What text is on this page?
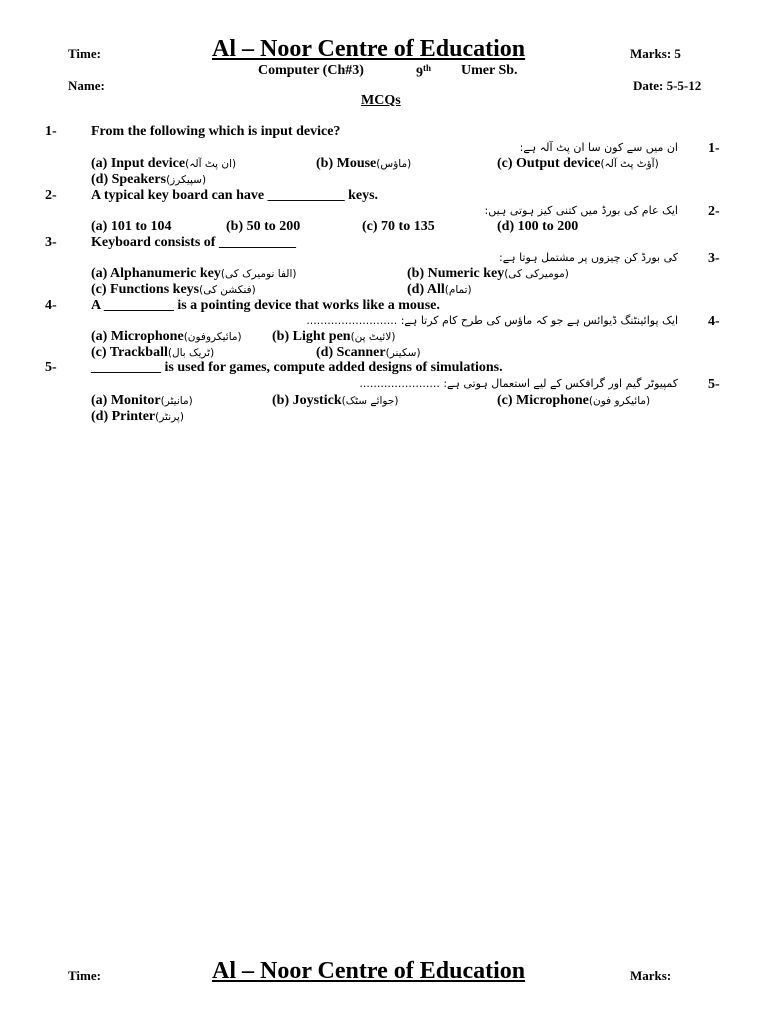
Time:	Al – Noor Centre of Education	Marks: 5
Computer (Ch#3)	9th Umer Sb.
Name:	Date: 5-5-12
MCQs
1- From the following which is input device?
ان میں سے کون سا ان پٹ آلہ ہے: 1-
(a) Input device(ان پٹ آلہ)	(b) Mouse(ماؤس)	(c) Output device(آؤٹ پٹ آلہ)
(d) Speakers(سپیکرز)
2- A typical key board can have ___________ keys.
ایک عام کی بورڈ میں کتنی کیز ہوتی ہیں: 2-
(a) 101 to 104	(b) 50 to 200	(c) 70 to 135	(d) 100 to 200
3- Keyboard consists of ___________
کی بورڈ کن چیزوں پر مشتمل ہوتا ہے: 3-
(a) Alphanumeric key(الفا نومیرک کی)	(b) Numeric key(مومیرکی کی)
(c) Functions keys(فنکشن کی)	(d) All(تمام)
4- A __________ is a pointing device that works like a mouse.
ایک پوائینٹنگ ڈیوائس ہے جو کہ ماؤس کی طرح کام کرتا ہے: .......................... 4-
(a) Microphone(مائیکروفون) (b) Light pen(لائیٹ پن)
(c) Trackball(ٹریک بال)	(d) Scanner(سکینر)
5- __________ is used for games, compute added designs of simulations.
کمپیوٹر گیم اور گرافکس کے لیے استعمال ہوتی ہے: ....................... 5-
(a) Monitor(مانیٹر)	(b) Joystick(جوائے سٹک)	(c) Microphone(مائیکرو فون)
(d) Printer(پرنٹر)
Time:	Al – Noor Centre of Education	Marks:
